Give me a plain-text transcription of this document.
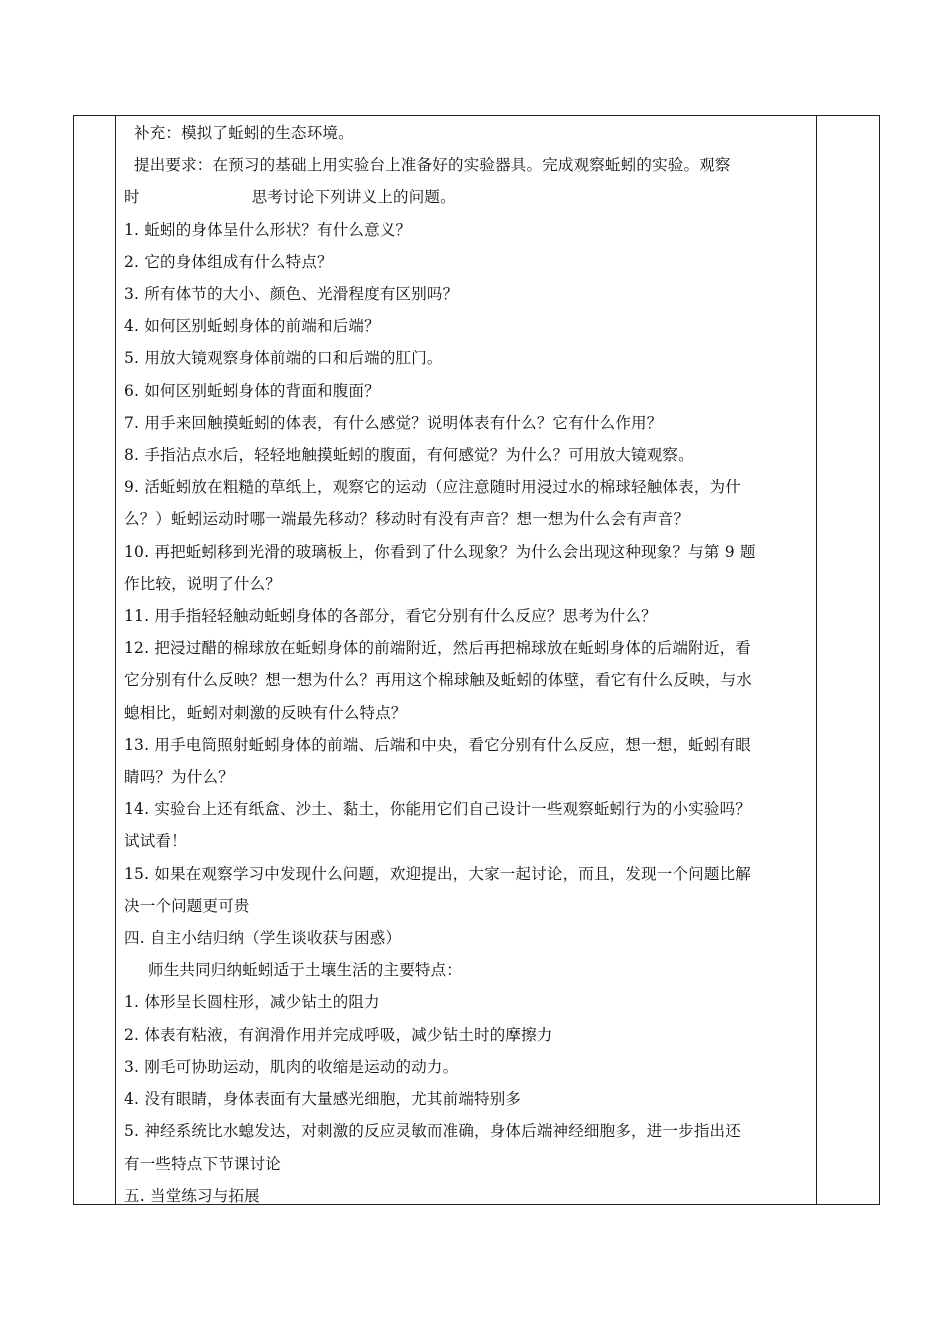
补充：模拟了蚯蚓的生态环境。
提出要求：在预习的基础上用实验台上准备好的实验器具。完成观察蚯蚓的实验。观察
时	思考讨论下列讲义上的问题。
1. 蚯蚓的身体呈什么形状？有什么意义？
2. 它的身体组成有什么特点？
3. 所有体节的大小、颜色、光滑程度有区别吗？
4. 如何区别蚯蚓身体的前端和后端？
5. 用放大镜观察身体前端的口和后端的肛门。
6. 如何区别蚯蚓身体的背面和腹面？
7. 用手来回触摸蚯蚓的体表，有什么感觉？说明体表有什么？它有什么作用？
8. 手指沾点水后，轻轻地触摸蚯蚓的腹面，有何感觉？为什么？可用放大镜观察。
9. 活蚯蚓放在粗糙的草纸上，观察它的运动（应注意随时用浸过水的棉球轻触体表，为什
么？）蚯蚓运动时哪一端最先移动？移动时有没有声音？想一想为什么会有声音？
10. 再把蚯蚓移到光滑的玻璃板上，你看到了什么现象？为什么会出现这种现象？与第 9 题
作比较，说明了什么？
11. 用手指轻轻触动蚯蚓身体的各部分，看它分别有什么反应？思考为什么？
12. 把浸过醋的棉球放在蚯蚓身体的前端附近，然后再把棉球放在蚯蚓身体的后端附近，看
它分别有什么反映？想一想为什么？再用这个棉球触及蚯蚓的体壁，看它有什么反映，与水
螅相比，蚯蚓对刺激的反映有什么特点？
13. 用手电筒照射蚯蚓身体的前端、后端和中央，看它分别有什么反应，想一想，蚯蚓有眼
睛吗？为什么？
14. 实验台上还有纸盒、沙土、黏土，你能用它们自己设计一些观察蚯蚓行为的小实验吗？
试试看！
15. 如果在观察学习中发现什么问题，欢迎提出，大家一起讨论，而且，发现一个问题比解
决一个问题更可贵
四. 自主小结归纳（学生谈收获与困惑）
师生共同归纳蚯蚓适于土壤生活的主要特点：
1. 体形呈长圆柱形，减少钻土的阻力
2. 体表有粘液，有润滑作用并完成呼吸，减少钻土时的摩擦力
3. 刚毛可协助运动，肌肉的收缩是运动的动力。
4. 没有眼睛，身体表面有大量感光细胞，尤其前端特别多
5. 神经系统比水螅发达，对刺激的反应灵敏而准确，身体后端神经细胞多，进一步指出还
有一些特点下节课讨论
五. 当堂练习与拓展
